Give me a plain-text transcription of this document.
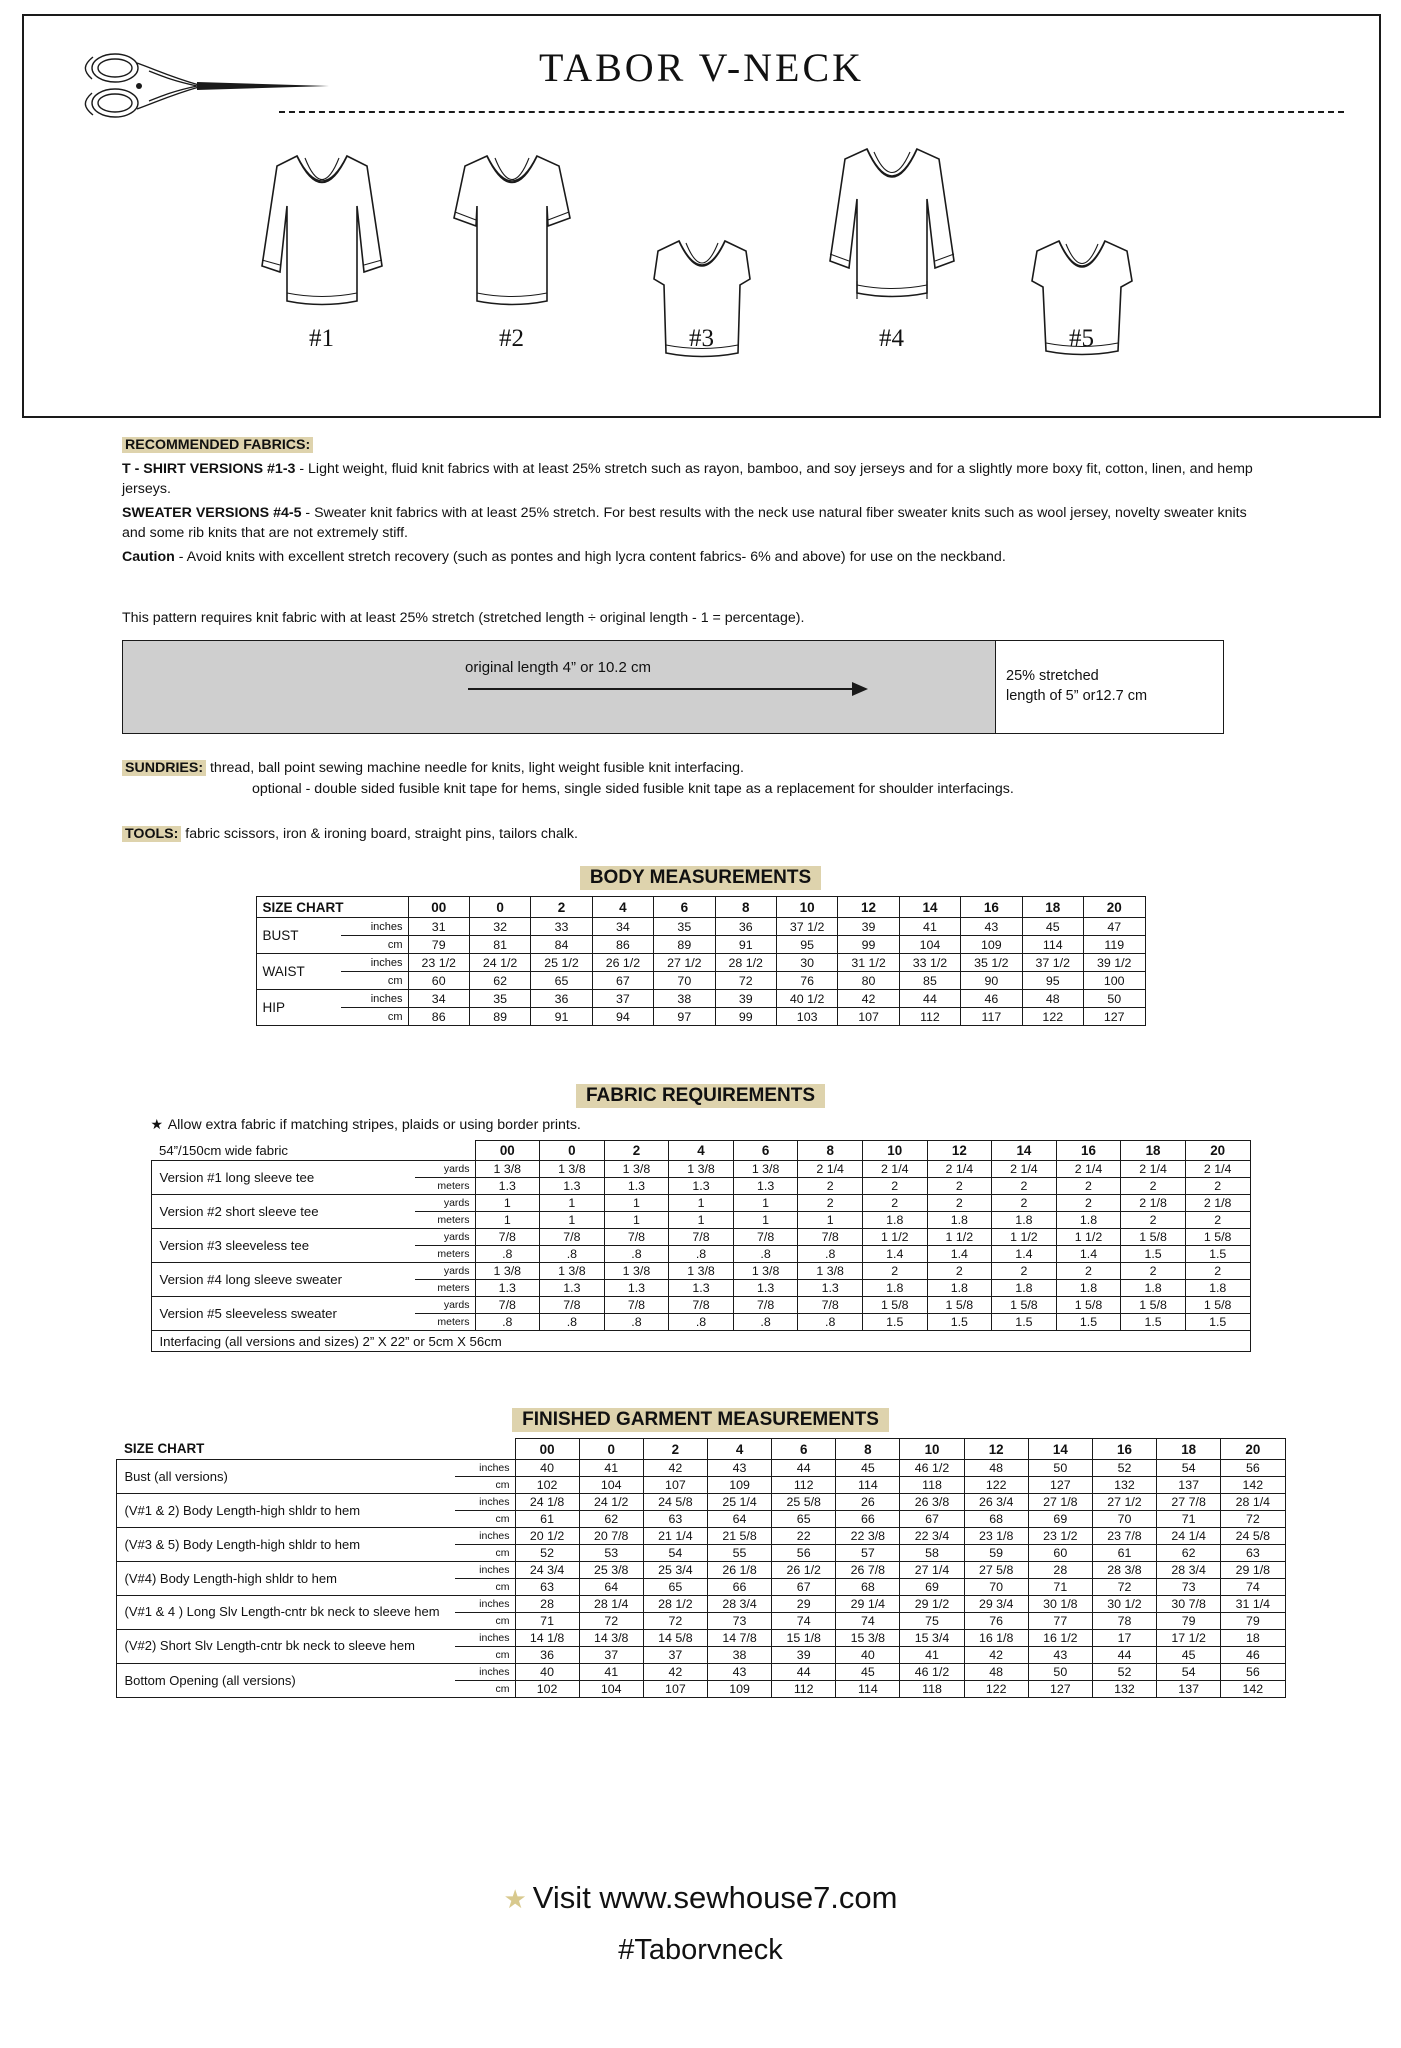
TABOR V-NECK
#1	#2	#3	#4	#5

RECOMMENDED FABRICS:

T - SHIRT VERSIONS #1-3 - Light weight, fluid knit fabrics with at least 25% stretch such as rayon, bamboo, and soy jerseys and for a slightly more boxy fit, cotton, linen, and hemp jerseys.

SWEATER VERSIONS #4-5 - Sweater knit fabrics with at least 25% stretch. For best results with the neck use natural fiber sweater knits such as wool jersey, novelty sweater knits and some rib knits that are not extremely stiff.

Caution - Avoid knits with excellent stretch recovery (such as pontes and high lycra content fabrics- 6% and above) for use on the neckband.

This pattern requires knit fabric with at least 25% stretch (stretched length ÷ original length - 1 = percentage).
original length 4” or 10.2 cm
25% stretched
length of 5” or12.7 cm
SUNDRIES: thread, ball point sewing machine needle for knits, light weight fusible knit interfacing.
optional - double sided fusible knit tape for hems, single sided fusible knit tape as a replacement for shoulder interfacings.
TOOLS: fabric scissors, iron & ironing board, straight pins, tailors chalk.
BODY MEASUREMENTS
SIZE CHART		00	0	2	4	6	8	10	12	14	16	18	20
BUST	inches	31	32	33	34	35	36	37 1/2	39	41	43	45	47
	cm	79	81	84	86	89	91	95	99	104	109	114	119
WAIST	inches	23 1/2	24 1/2	25 1/2	26 1/2	27 1/2	28 1/2	30	31 1/2	33 1/2	35 1/2	37 1/2	39 1/2
	cm	60	62	65	67	70	72	76	80	85	90	95	100
HIP	inches	34	35	36	37	38	39	40 1/2	42	44	46	48	50
	cm	86	89	91	94	97	99	103	107	112	117	122	127
FABRIC REQUIREMENTS
★ Allow extra fabric if matching stripes, plaids or using border prints.
54”/150cm wide fabric		00	0	2	4	6	8	10	12	14	16	18	20
Version #1 long sleeve tee	yards	1 3/8	1 3/8	1 3/8	1 3/8	1 3/8	2 1/4	2 1/4	2 1/4	2 1/4	2 1/4	2 1/4	2 1/4
	meters	1.3	1.3	1.3	1.3	1.3	2	2	2	2	2	2	2
Version #2 short sleeve tee	yards	1	1	1	1	1	2	2	2	2	2	2 1/8	2 1/8
	meters	1	1	1	1	1	1	1.8	1.8	1.8	1.8	2	2
Version #3 sleeveless tee	yards	7/8	7/8	7/8	7/8	7/8	7/8	1 1/2	1 1/2	1 1/2	1 1/2	1 5/8	1 5/8
	meters	.8	.8	.8	.8	.8	.8	1.4	1.4	1.4	1.4	1.5	1.5
Version #4 long sleeve sweater	yards	1 3/8	1 3/8	1 3/8	1 3/8	1 3/8	1 3/8	2	2	2	2	2	2
	meters	1.3	1.3	1.3	1.3	1.3	1.3	1.8	1.8	1.8	1.8	1.8	1.8
Version #5 sleeveless sweater	yards	7/8	7/8	7/8	7/8	7/8	7/8	1 5/8	1 5/8	1 5/8	1 5/8	1 5/8	1 5/8
	meters	.8	.8	.8	.8	.8	.8	1.5	1.5	1.5	1.5	1.5	1.5
Interfacing (all versions and sizes) 2” X 22” or 5cm X 56cm													
FINISHED GARMENT MEASUREMENTS
SIZE CHART		00	0	2	4	6	8	10	12	14	16	18	20
Bust (all versions)	inches	40	41	42	43	44	45	46 1/2	48	50	52	54	56
	cm	102	104	107	109	112	114	118	122	127	132	137	142
(V#1 & 2) Body Length-high shldr to hem	inches	24 1/8	24 1/2	24 5/8	25 1/4	25 5/8	26	26 3/8	26 3/4	27 1/8	27 1/2	27 7/8	28 1/4
	cm	61	62	63	64	65	66	67	68	69	70	71	72
(V#3 & 5) Body Length-high shldr to hem	inches	20 1/2	20 7/8	21 1/4	21 5/8	22	22 3/8	22 3/4	23 1/8	23 1/2	23 7/8	24 1/4	24 5/8
	cm	52	53	54	55	56	57	58	59	60	61	62	63
(V#4) Body Length-high shldr to hem	inches	24 3/4	25 3/8	25 3/4	26 1/8	26 1/2	26 7/8	27 1/4	27 5/8	28	28 3/8	28 3/4	29 1/8
	cm	63	64	65	66	67	68	69	70	71	72	73	74
(V#1 & 4 ) Long Slv Length-cntr bk neck to sleeve hem	inches	28	28 1/4	28 1/2	28 3/4	29	29 1/4	29 1/2	29 3/4	30 1/8	30 1/2	30 7/8	31 1/4
	cm	71	72	72	73	74	74	75	76	77	78	79	79
(V#2) Short Slv Length-cntr bk neck to sleeve hem	inches	14 1/8	14 3/8	14 5/8	14 7/8	15 1/8	15 3/8	15 3/4	16 1/8	16 1/2	17	17 1/2	18
	cm	36	37	37	38	39	40	41	42	43	44	45	46
Bottom Opening (all versions)	inches	40	41	42	43	44	45	46 1/2	48	50	52	54	56
	cm	102	104	107	109	112	114	118	122	127	132	137	142
★ Visit www.sewhouse7.com
#Taborvneck
